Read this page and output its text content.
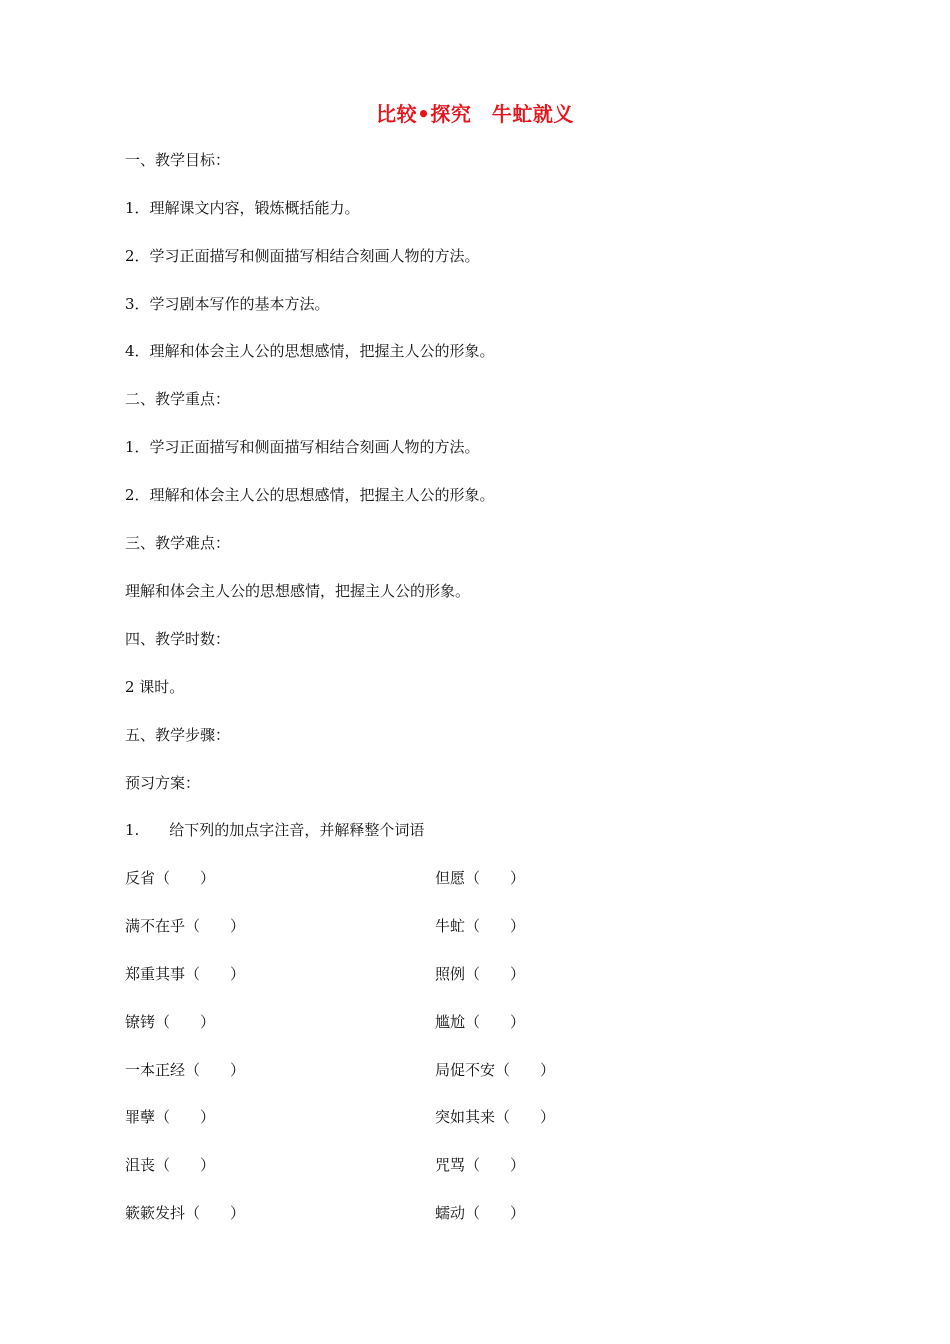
比较•探究　牛虻就义
一、教学目标：
1．理解课文内容，锻炼概括能力。
2．学习正面描写和侧面描写相结合刻画人物的方法。
3．学习剧本写作的基本方法。
4．理解和体会主人公的思想感情，把握主人公的形象。
二、教学重点：
1．学习正面描写和侧面描写相结合刻画人物的方法。
2．理解和体会主人公的思想感情，把握主人公的形象。
三、教学难点：
理解和体会主人公的思想感情，把握主人公的形象。
四、教学时数：
2 课时。
五、教学步骤：
预习方案：
1.　　给下列的加点字注音，并解释整个词语
反省（　　）	但愿（　　）
满不在乎（　　）	牛虻（　　）
郑重其事（　　）	照例（　　）
镣铐（　　）	尴尬（　　）
一本正经（　　）	局促不安（　　）
罪孽（　　）	突如其来（　　）
沮丧（　　）	咒骂（　　）
簌簌发抖（　　）	蠕动（　　）
